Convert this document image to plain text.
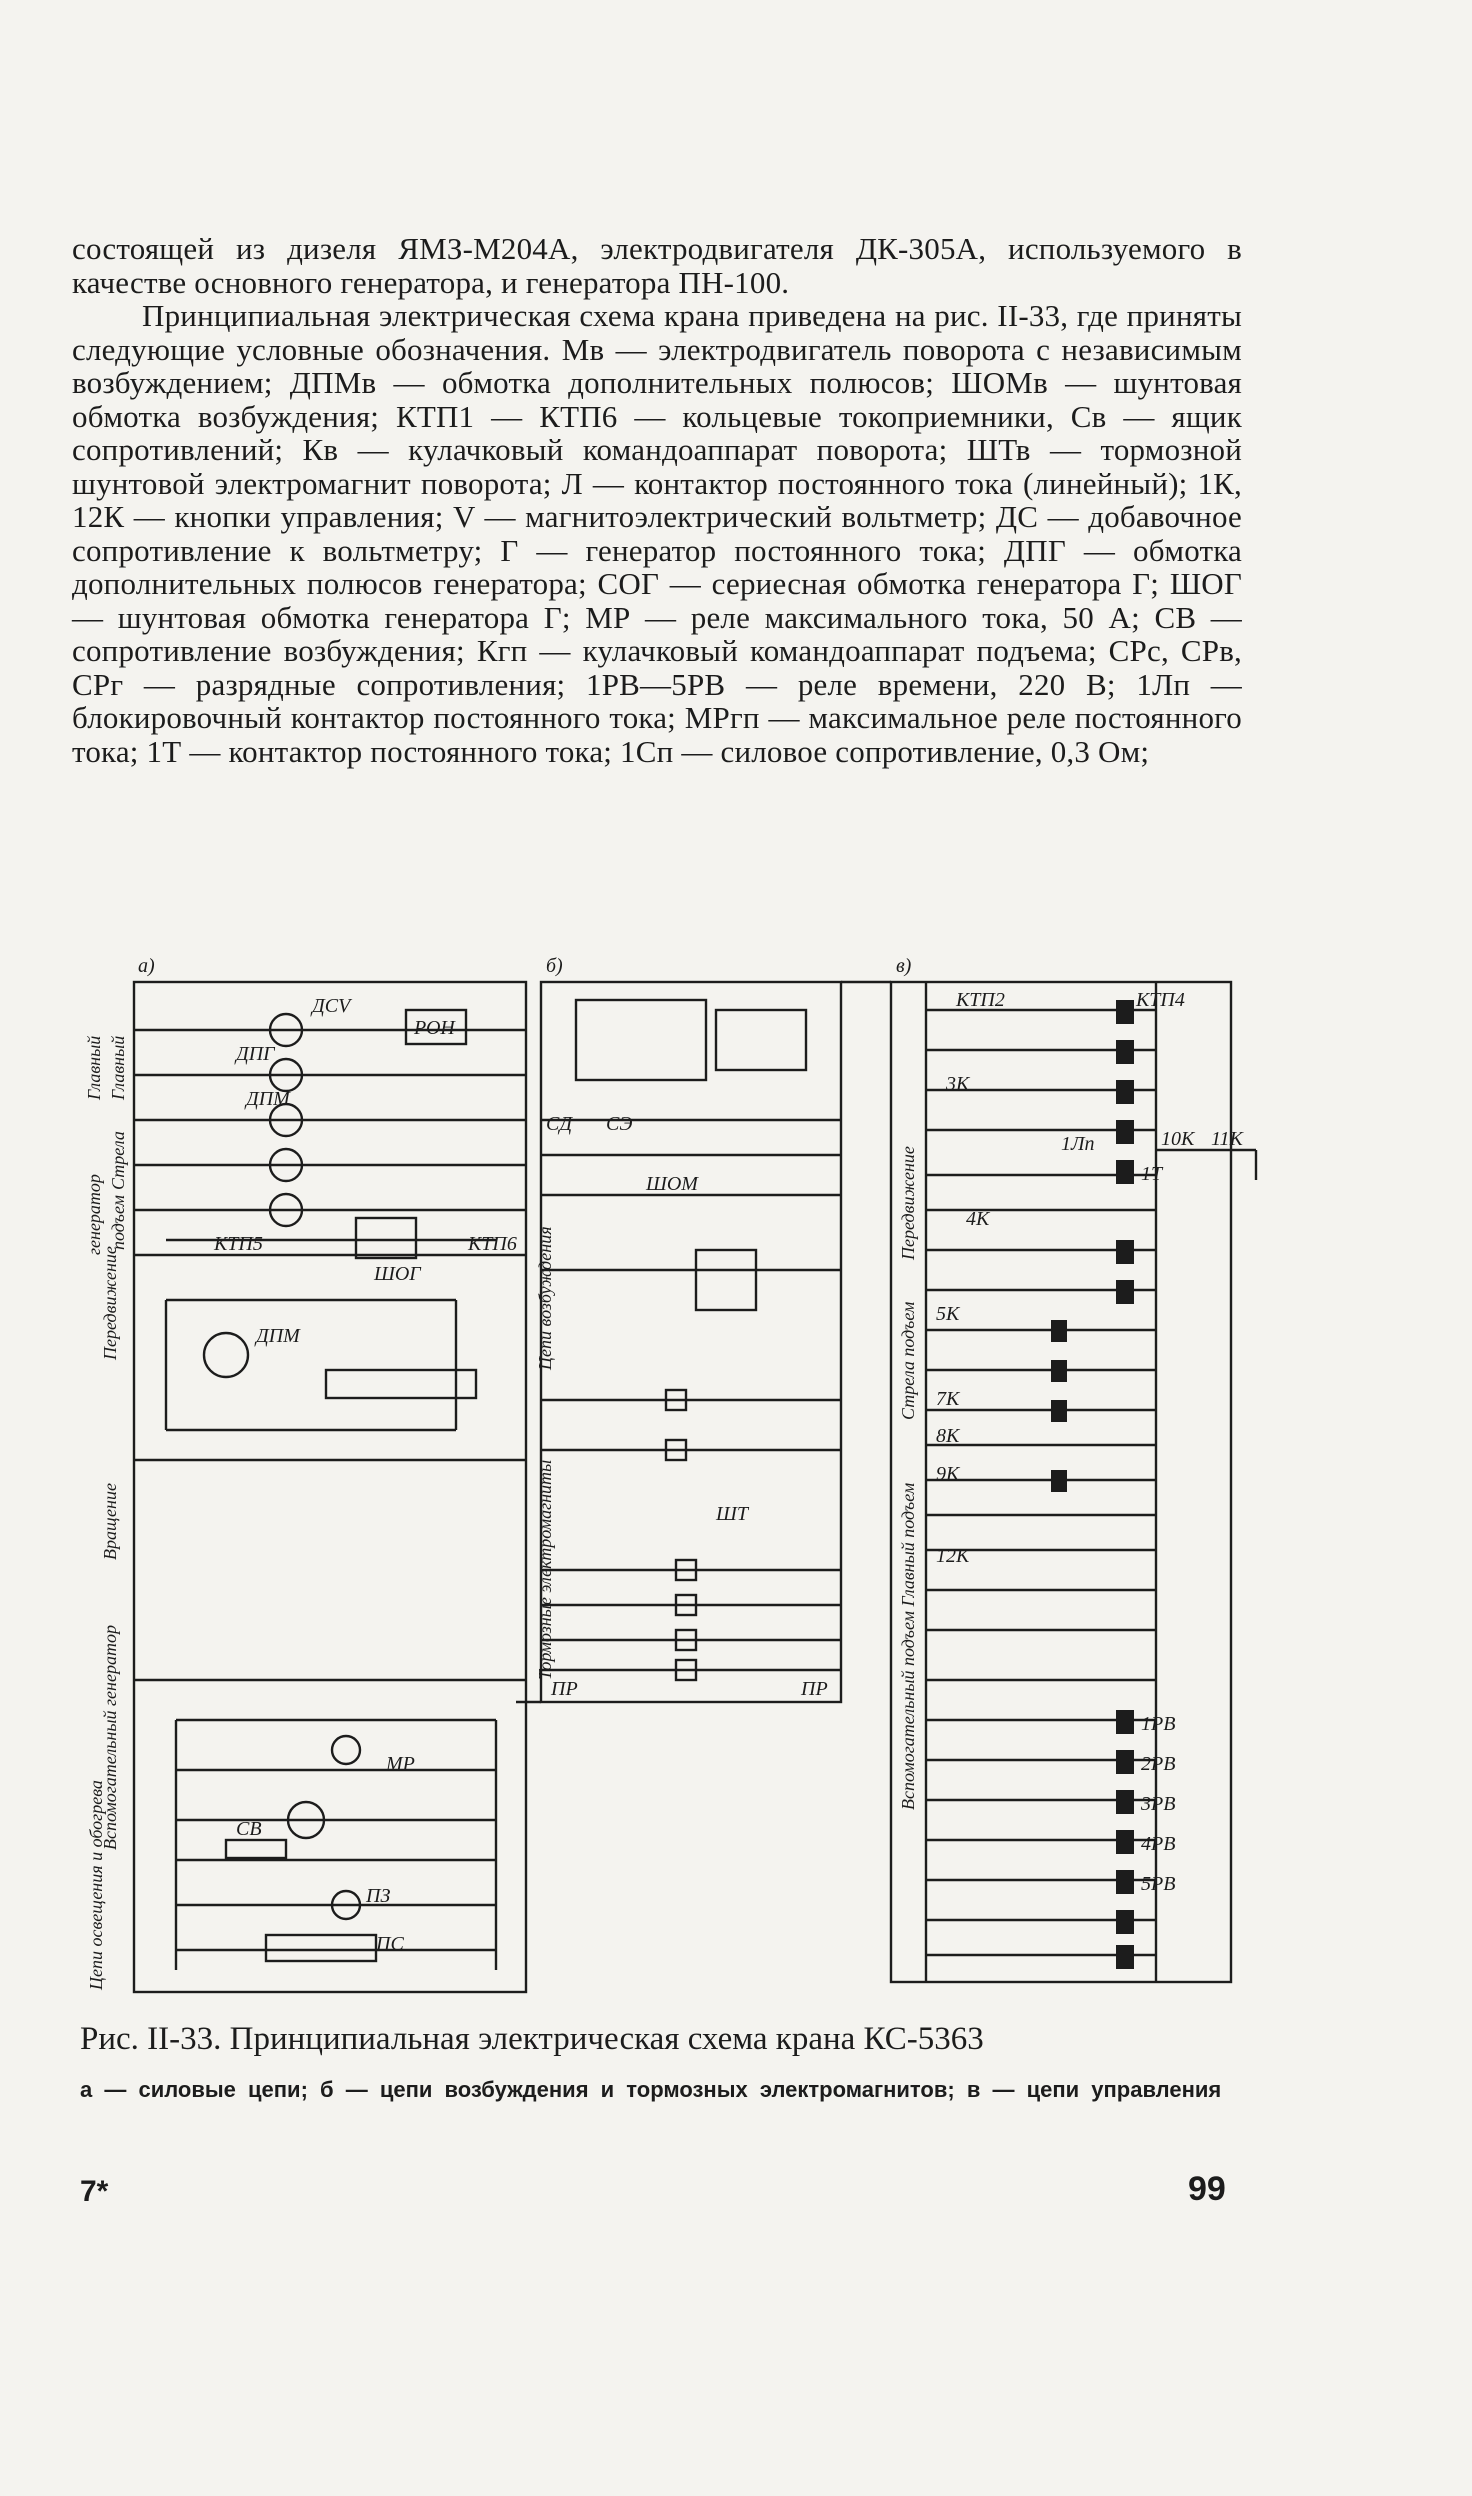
состоящей из дизеля ЯМЗ-М204А, электродвигателя ДК-305А, используемого в качестве основного генератора, и генератора ПН-100.

Принципиальная электрическая схема крана приведена на рис. II-33, где приняты следующие условные обозначения. Мв — электродвигатель поворота с независимым возбуждением; ДПМв — обмотка дополнительных полюсов; ШОМв — шунтовая обмотка возбуждения; КТП1 — КТП6 — кольцевые токоприемники, Св — ящик сопротивлений; Кв — кулачковый командоаппарат поворота; ШТв — тормозной шунтовой электромагнит поворота; Л — контактор постоянного тока (линейный); 1К, 12К — кнопки управления; V — магнитоэлектрический вольтметр; ДС — добавочное сопротивление к вольтметру; Г — генератор постоянного тока; ДПГ — обмотка дополнительных полюсов генератора; СОГ — сериесная обмотка генератора Г; ШОГ — шунтовая обмотка генератора Г; МР — реле максимального тока, 50 А; СВ — сопротивление возбуждения; Кгп — кулачковый командоаппарат подъема; СРс, СРв, СРг — разрядные сопротивления; 1РВ—5РВ — реле времени, 220 В; 1Лп — блокировочный контактор постоянного тока; МРгп — максимальное реле постоянного тока; 1Т — контактор постоянного тока; 1Сп — силовое сопротивление, 0,3 Ом;

а)	б)	в)
ДСV
ДПГ
РОН
ШОГ
ДПМ
КТП5	КТП6
ДПМ
СВ
ПЗ
ПС
1РВ
2РВ
3РВ
4РВ
5РВ
1Т
1Лп
КТП2	КТП4
10К 11К
ШОМ
ШТ
СД СЭ
ПР	ПР
МР
8К
7К
9К
12К
5К
4К
3К
Главный Главный
Стрела
подъем
генератор
Передвижение
Вращение
Вспомогательный генератор
Цепи освещения и обогрева
Цепи возбуждения
Тормозные электромагниты
Передвижение
Стрела подъем
Вспомогательный подъем Главный подъем
Рис. II-33. Принципиальная электрическая схема крана КС-5363
а — силовые цепи; б — цепи возбуждения и тормозных электромагнитов; в — цепи управления
7*	99
